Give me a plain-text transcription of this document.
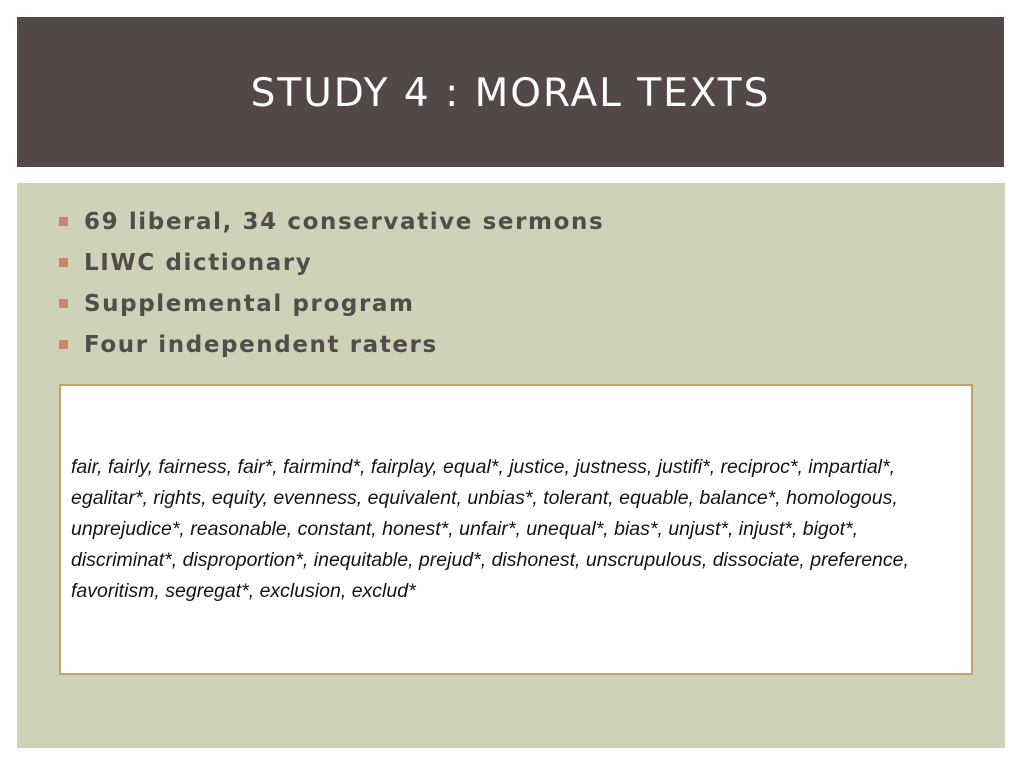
STUDY 4 : MORAL TEXTS
69 liberal, 34 conservative sermons
LIWC dictionary
Supplemental program
Four independent raters

fair, fairly, fairness, fair*, fairmind*, fairplay, equal*, justice, justness, justifi*, reciproc*, impartial*, egalitar*, rights, equity, evenness, equivalent, unbias*, tolerant, equable, balance*, homologous, unprejudice*, reasonable, constant, honest*, unfair*, unequal*, bias*, unjust*, injust*, bigot*, discriminat*, disproportion*, inequitable, prejud*, dishonest, unscrupulous, dissociate, preference, favoritism, segregat*, exclusion, exclud*
